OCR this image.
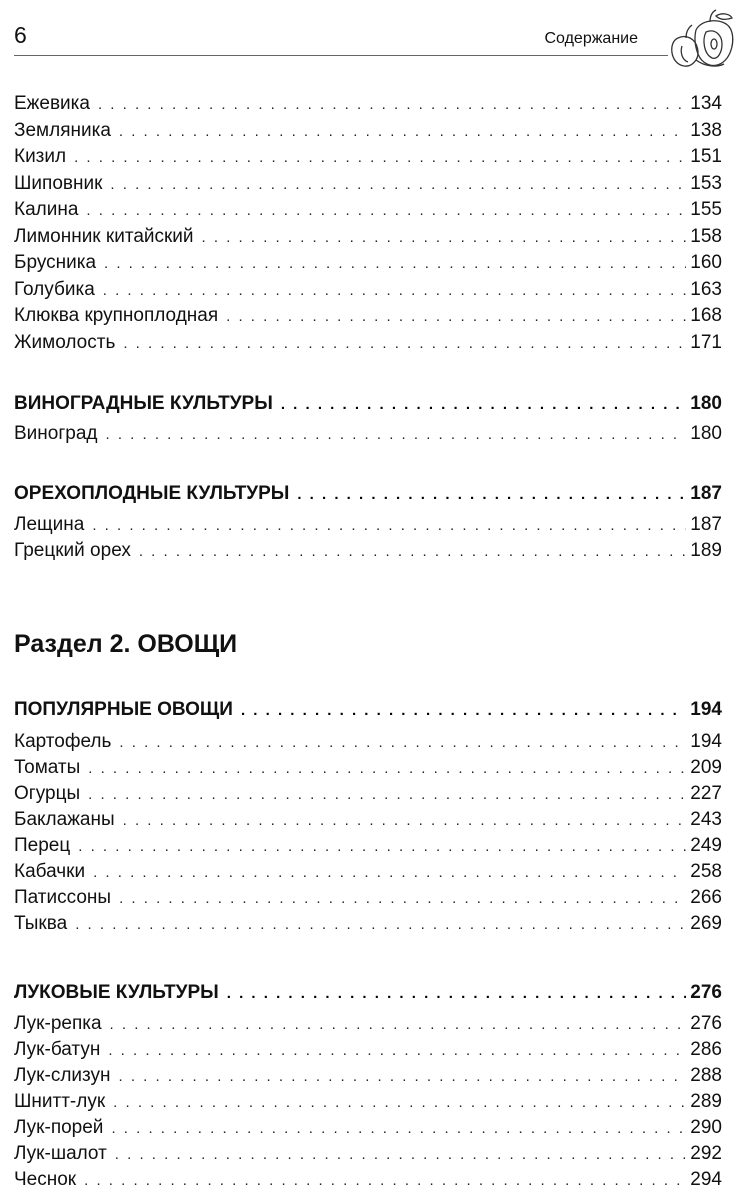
6	Содержание
Ежевика . . .	134
Земляника . . .	138
Кизил . . .	151
Шиповник . . .	153
Калина . . .	155
Лимонник китайский . . .	158
Брусника . . .	160
Голубика . . .	163
Клюква крупноплодная . . .	168
Жимолость . . .	171
ВИНОГРАДНЫЕ КУЛЬТУРЫ . . .	180
Виноград . . .	180
ОРЕХОПЛОДНЫЕ КУЛЬТУРЫ . . .	187
Лещина . . .	187
Грецкий орех . . .	189
Раздел 2. ОВОЩИ
ПОПУЛЯРНЫЕ ОВОЩИ . . .	194
Картофель . . .	194
Томаты . . .	209
Огурцы . . .	227
Баклажаны . . .	243
Перец . . .	249
Кабачки . . .	258
Патиссоны . . .	266
Тыква . . .	269
ЛУКОВЫЕ КУЛЬТУРЫ . . .	276
Лук-репка . . .	276
Лук-батун . . .	286
Лук-слизун . . .	288
Шнитт-лук . . .	289
Лук-порей . . .	290
Лук-шалот . . .	292
Чеснок . . .	294
